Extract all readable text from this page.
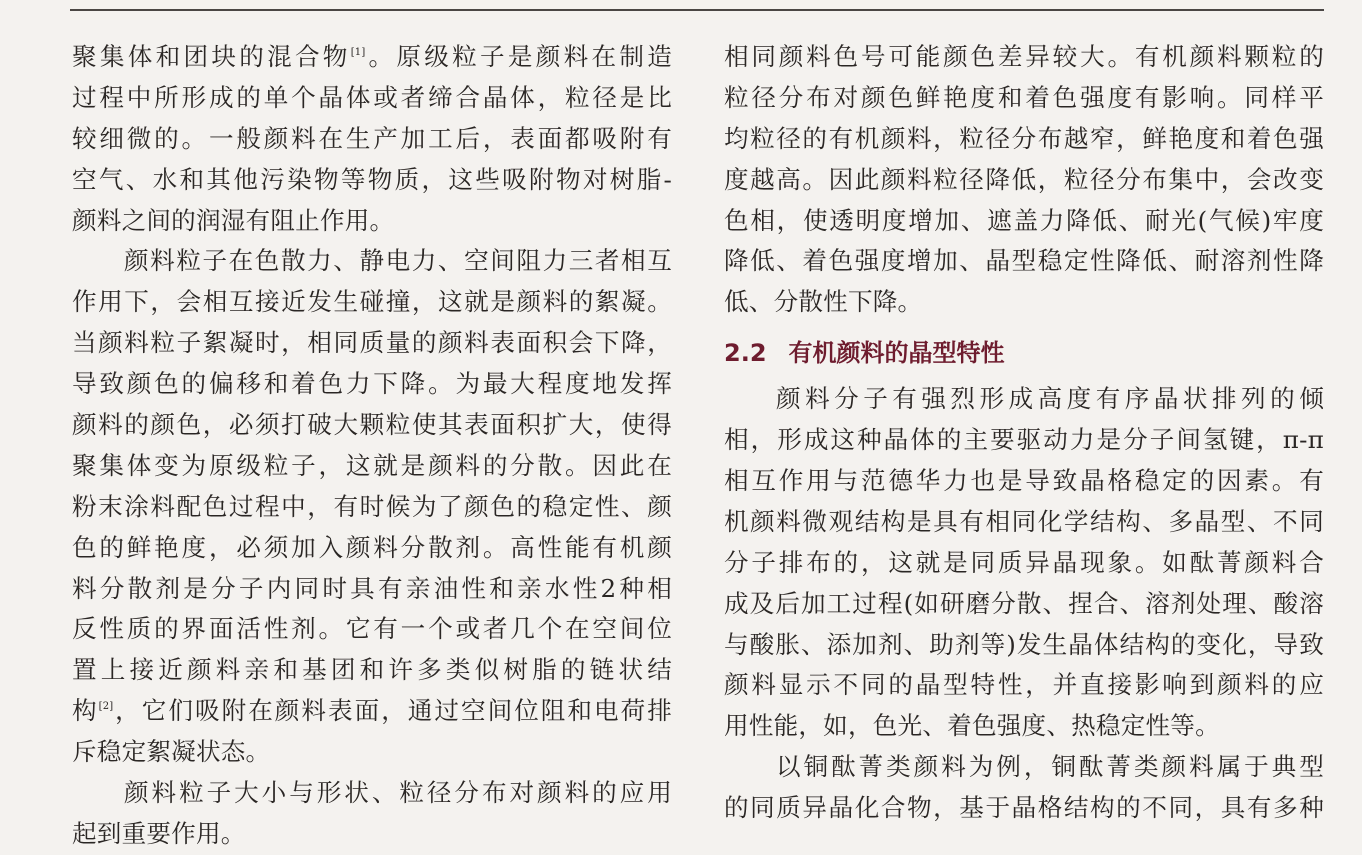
聚集体和团块的混合物[1]。原级粒子是颜料在制造
过程中所形成的单个晶体或者缔合晶体，粒径是比
较细微的。一般颜料在生产加工后，表面都吸附有
空气、水和其他污染物等物质，这些吸附物对树脂-
颜料之间的润湿有阻止作用。
颜料粒子在色散力、静电力、空间阻力三者相互
作用下，会相互接近发生碰撞，这就是颜料的絮凝。
当颜料粒子絮凝时，相同质量的颜料表面积会下降，
导致颜色的偏移和着色力下降。为最大程度地发挥
颜料的颜色，必须打破大颗粒使其表面积扩大，使得
聚集体变为原级粒子，这就是颜料的分散。因此在
粉末涂料配色过程中，有时候为了颜色的稳定性、颜
色的鲜艳度，必须加入颜料分散剂。高性能有机颜
料分散剂是分子内同时具有亲油性和亲水性2种相
反性质的界面活性剂。它有一个或者几个在空间位
置上接近颜料亲和基团和许多类似树脂的链状结
构[2]，它们吸附在颜料表面，通过空间位阻和电荷排
斥稳定絮凝状态。
颜料粒子大小与形状、粒径分布对颜料的应用
起到重要作用。
相同颜料色号可能颜色差异较大。有机颜料颗粒的
粒径分布对颜色鲜艳度和着色强度有影响。同样平
均粒径的有机颜料，粒径分布越窄，鲜艳度和着色强
度越高。因此颜料粒径降低，粒径分布集中，会改变
色相，使透明度增加、遮盖力降低、耐光(气候)牢度
降低、着色强度增加、晶型稳定性降低、耐溶剂性降
低、分散性下降。
2.2 有机颜料的晶型特性
颜料分子有强烈形成高度有序晶状排列的倾
相，形成这种晶体的主要驱动力是分子间氢键，π-π
相互作用与范德华力也是导致晶格稳定的因素。有
机颜料微观结构是具有相同化学结构、多晶型、不同
分子排布的，这就是同质异晶现象。如酞菁颜料合
成及后加工过程(如研磨分散、捏合、溶剂处理、酸溶
与酸胀、添加剂、助剂等)发生晶体结构的变化，导致
颜料显示不同的晶型特性，并直接影响到颜料的应
用性能，如，色光、着色强度、热稳定性等。
以铜酞菁类颜料为例，铜酞菁类颜料属于典型
的同质异晶化合物，基于晶格结构的不同，具有多种
